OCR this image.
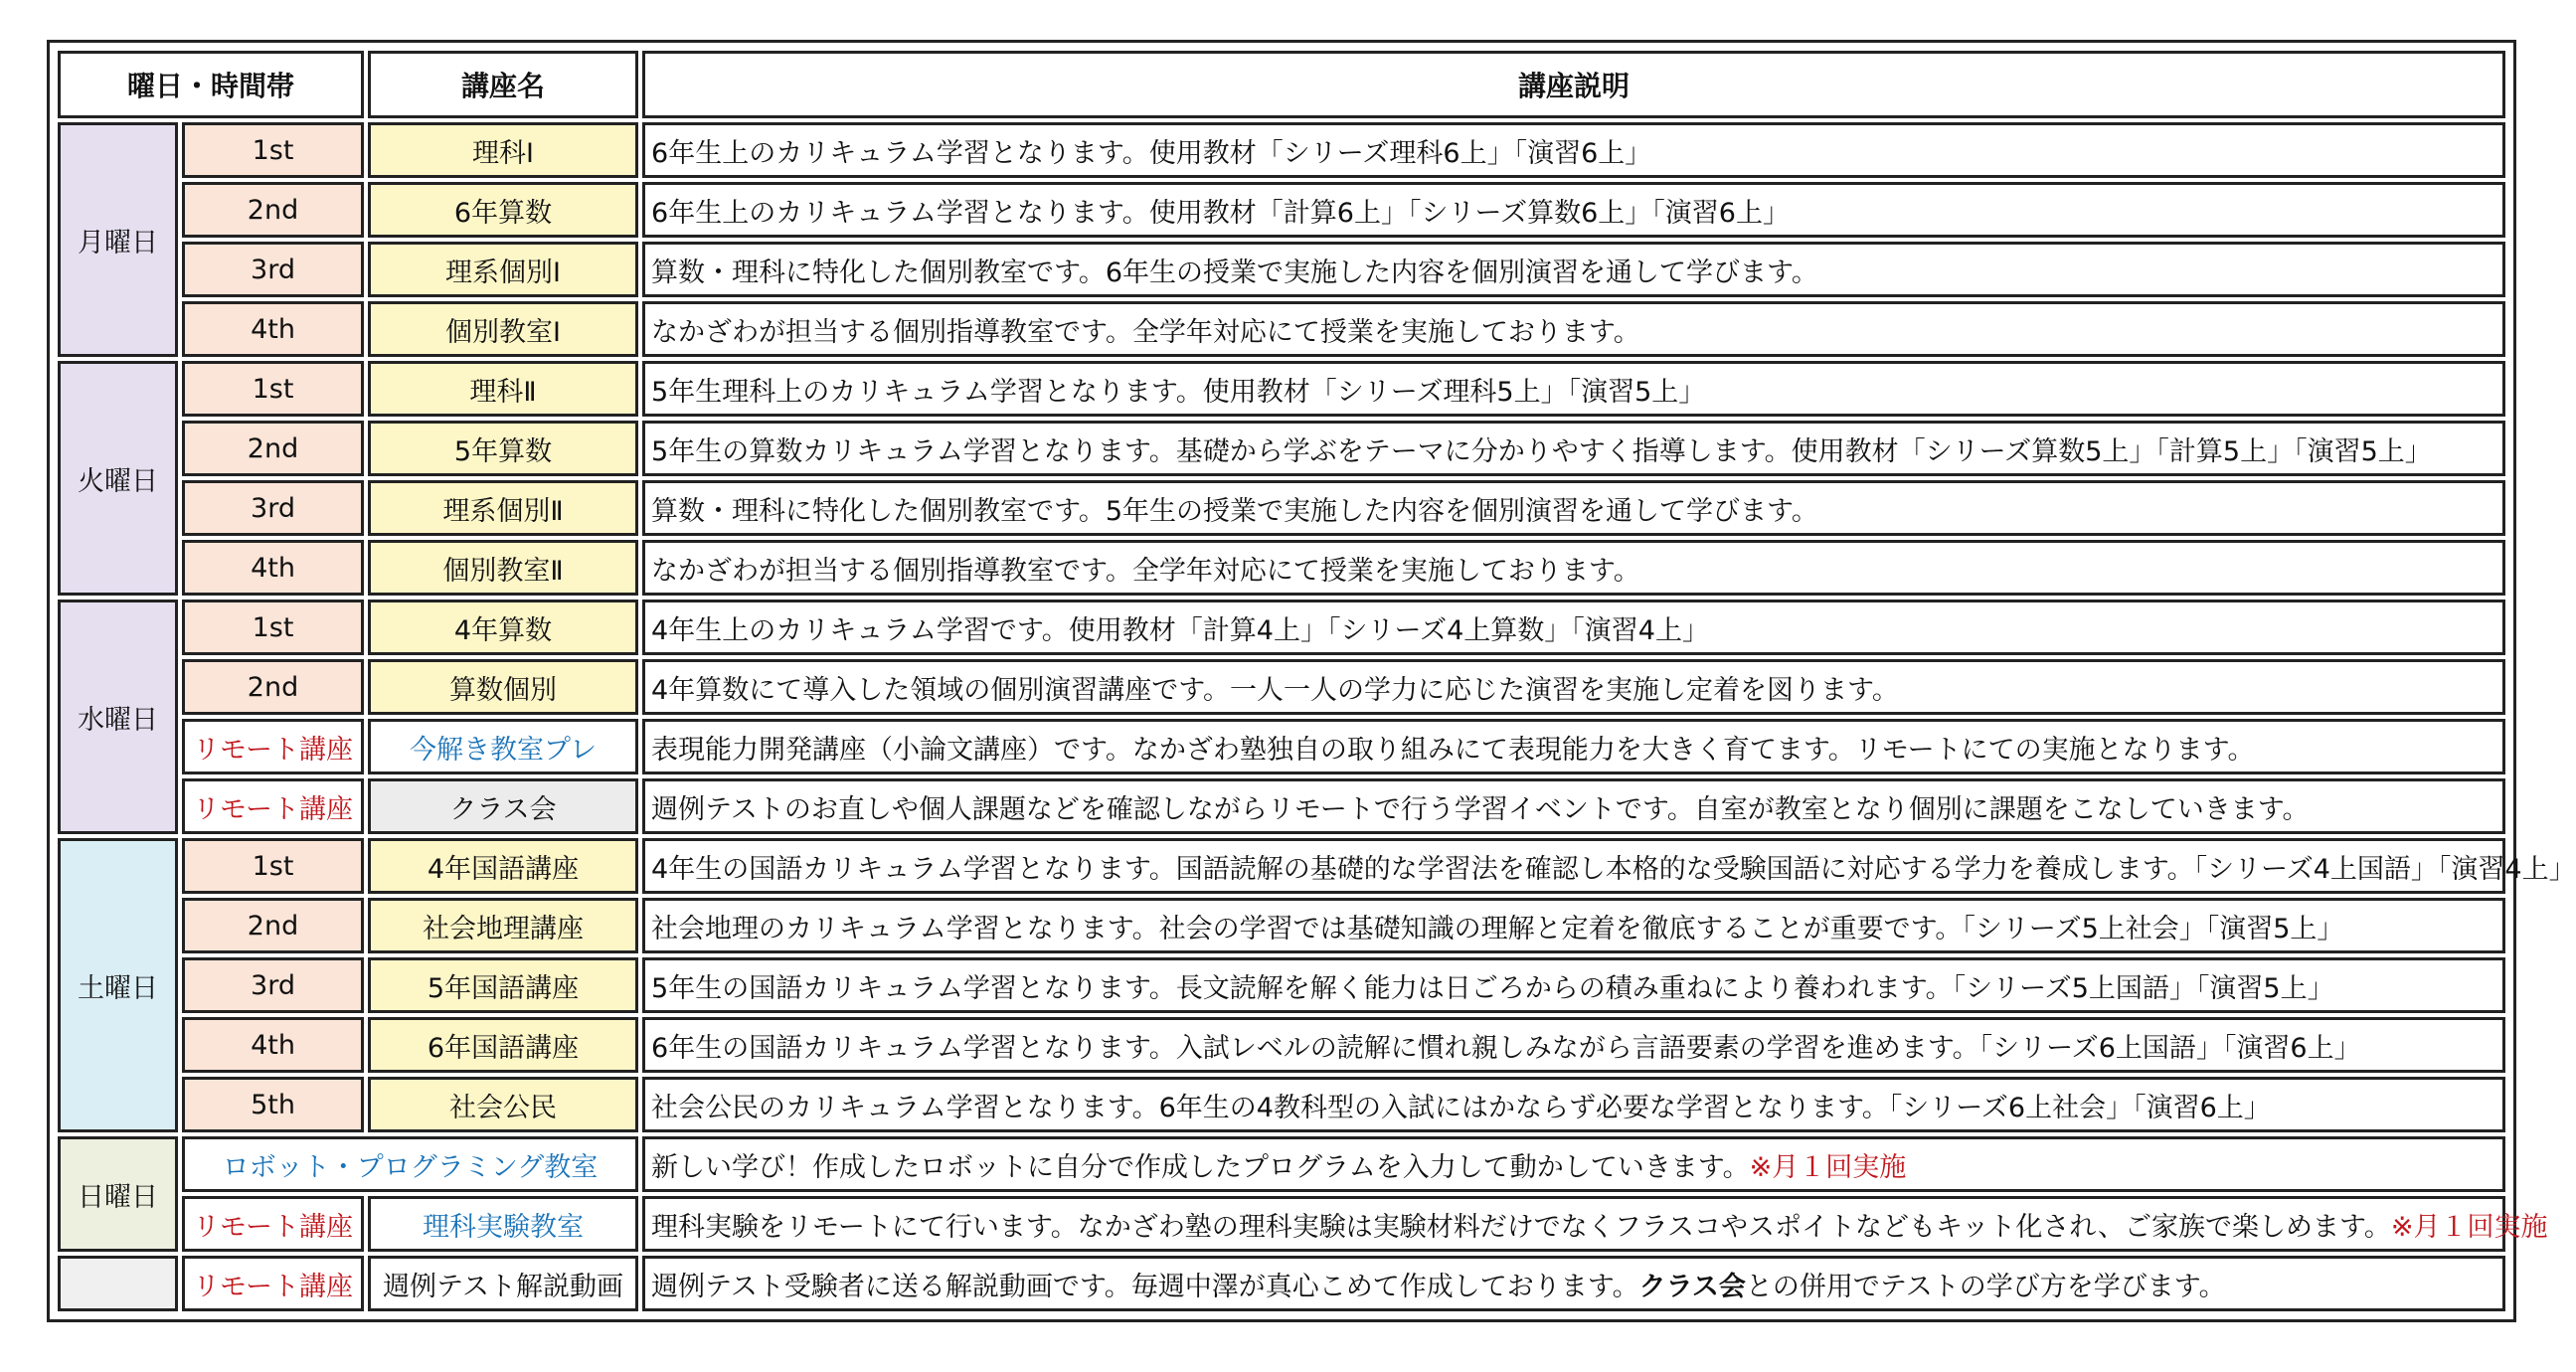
曜日・時間帯		講座名	講座説明
月曜日	1st	理科Ⅰ	6年生上のカリキュラム学習となります。使用教材「シリーズ理科6上」「演習6上」
	2nd	6年算数	6年生上のカリキュラム学習となります。使用教材「計算6上」「シリーズ算数6上」「演習6上」
	3rd	理系個別Ⅰ	算数・理科に特化した個別教室です。6年生の授業で実施した内容を個別演習を通して学びます。
	4th	個別教室Ⅰ	なかざわが担当する個別指導教室です。全学年対応にて授業を実施しております。
火曜日	1st	理科Ⅱ	5年生理科上のカリキュラム学習となります。使用教材「シリーズ理科5上」「演習5上」
	2nd	5年算数	5年生の算数カリキュラム学習となります。基礎から学ぶをテーマに分かりやすく指導します。使用教材「シリーズ算数5上」「計算5上」「演習5上」
	3rd	理系個別Ⅱ	算数・理科に特化した個別教室です。5年生の授業で実施した内容を個別演習を通して学びます。
	4th	個別教室Ⅱ	なかざわが担当する個別指導教室です。全学年対応にて授業を実施しております。
水曜日	1st	4年算数	4年生上のカリキュラム学習です。使用教材「計算4上」「シリーズ4上算数」「演習4上」
	2nd	算数個別	4年算数にて導入した領域の個別演習講座です。一人一人の学力に応じた演習を実施し定着を図ります。
	リモート講座	今解き教室プレ	表現能力開発講座（小論文講座）です。なかざわ塾独自の取り組みにて表現能力を大きく育てます。リモートにての実施となります。
	リモート講座	クラス会	週例テストのお直しや個人課題などを確認しながらリモートで行う学習イベントです。自室が教室となり個別に課題をこなしていきます。
土曜日	1st	4年国語講座	4年生の国語カリキュラム学習となります。国語読解の基礎的な学習法を確認し本格的な受験国語に対応する学力を養成します。「シリーズ4上国語」「演習4上」
	2nd	社会地理講座	社会地理のカリキュラム学習となります。社会の学習では基礎知識の理解と定着を徹底することが重要です。「シリーズ5上社会」「演習5上」
	3rd	5年国語講座	5年生の国語カリキュラム学習となります。長文読解を解く能力は日ごろからの積み重ねにより養われます。「シリーズ5上国語」「演習5上」
	4th	6年国語講座	6年生の国語カリキュラム学習となります。入試レベルの読解に慣れ親しみながら言語要素の学習を進めます。「シリーズ6上国語」「演習6上」
	5th	社会公民	社会公民のカリキュラム学習となります。6年生の4教科型の入試にはかならず必要な学習となります。「シリーズ6上社会」「演習6上」
日曜日	ロボット・プログラミング教室		新しい学び！作成したロボットに自分で作成したプログラムを入力して動かしていきます。※月１回実施
	リモート講座	理科実験教室	理科実験をリモートにて行います。なかざわ塾の理科実験は実験材料だけでなくフラスコやスポイトなどもキット化され、ご家族で楽しめます。※月１回実施
	リモート講座	週例テスト解説動画	週例テスト受験者に送る解説動画です。毎週中澤が真心こめて作成しております。クラス会との併用でテストの学び方を学びます。
